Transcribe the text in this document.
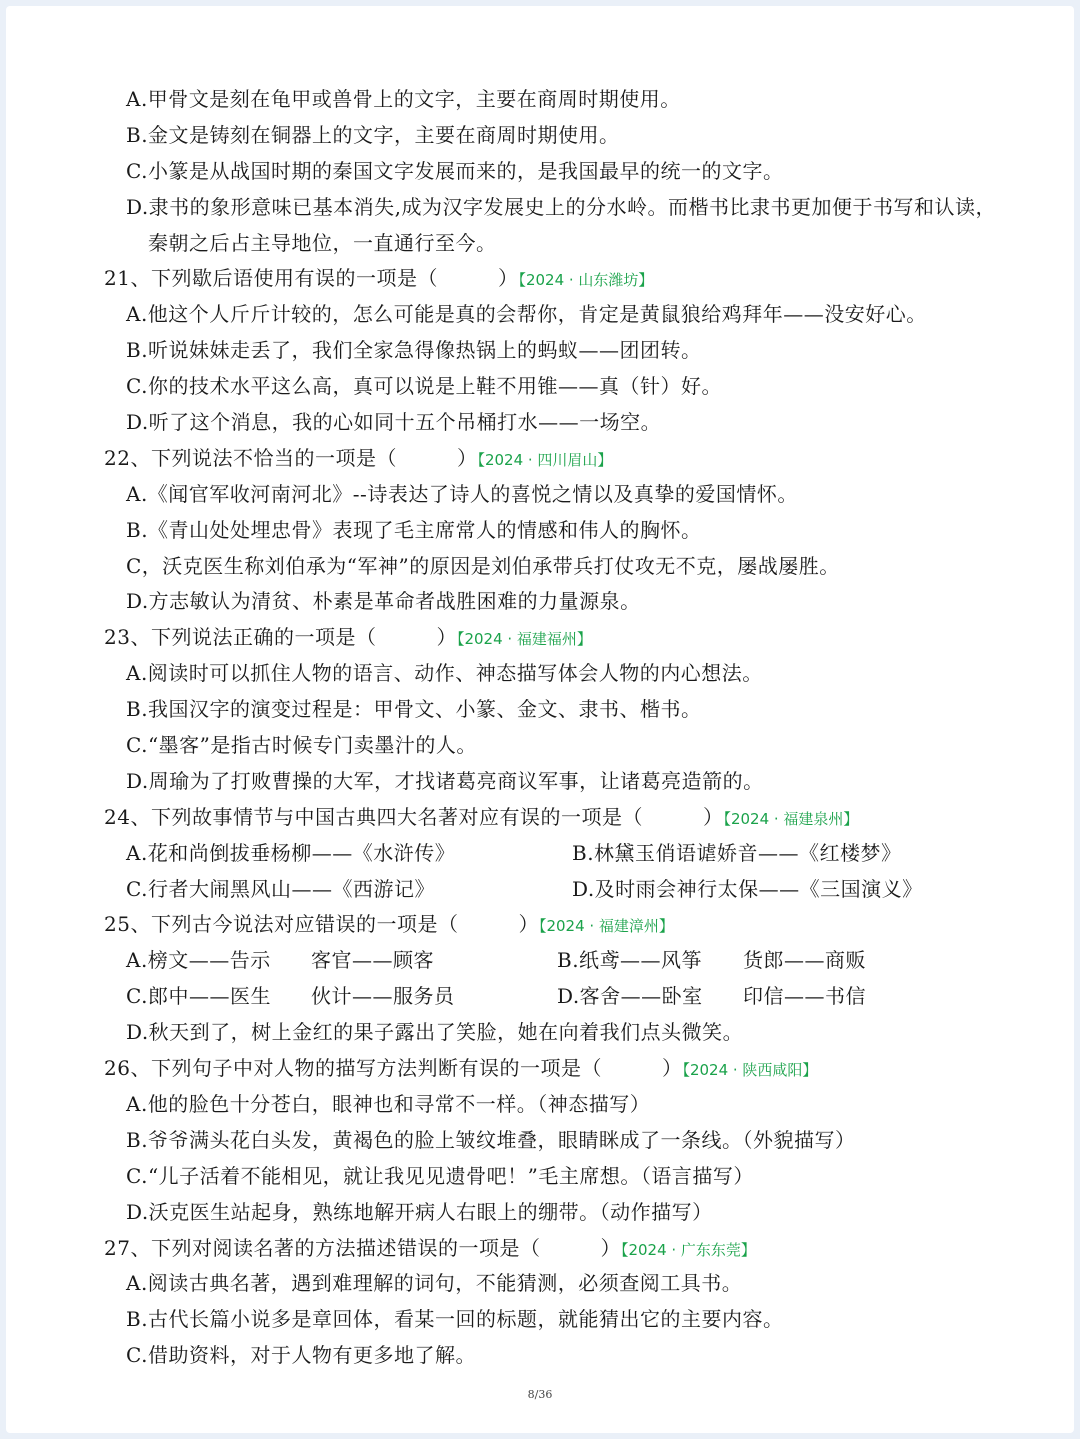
A.甲骨文是刻在龟甲或兽骨上的文字，主要在商周时期使用。
B.金文是铸刻在铜器上的文字，主要在商周时期使用。
C.小篆是从战国时期的秦国文字发展而来的，是我国最早的统一的文字。
D.隶书的象形意味已基本消失,成为汉字发展史上的分水岭。而楷书比隶书更加便于书写和认读，
秦朝之后占主导地位，一直通行至今。
21、下列歇后语使用有误的一项是（	）【2024 · 山东潍坊】
A.他这个人斤斤计较的，怎么可能是真的会帮你，肯定是黄鼠狼给鸡拜年——没安好心。
B.听说妹妹走丢了，我们全家急得像热锅上的蚂蚁——团团转。
C.你的技术水平这么高，真可以说是上鞋不用锥——真（针）好。
D.听了这个消息，我的心如同十五个吊桶打水——一场空。
22、下列说法不恰当的一项是（	）【2024 · 四川眉山】
A.《闻官军收河南河北》--诗表达了诗人的喜悦之情以及真挚的爱国情怀。
B.《青山处处埋忠骨》表现了毛主席常人的情感和伟人的胸怀。
C，沃克医生称刘伯承为“军神”的原因是刘伯承带兵打仗攻无不克，屡战屡胜。
D.方志敏认为清贫、朴素是革命者战胜困难的力量源泉。
23、下列说法正确的一项是（	）【2024 · 福建福州】
A.阅读时可以抓住人物的语言、动作、神态描写体会人物的内心想法。
B.我国汉字的演变过程是：甲骨文、小篆、金文、隶书、楷书。
C.“墨客”是指古时候专门卖墨汁的人。
D.周瑜为了打败曹操的大军，才找诸葛亮商议军事，让诸葛亮造箭的。
24、下列故事情节与中国古典四大名著对应有误的一项是（	）【2024 · 福建泉州】
A.花和尚倒拔垂杨柳——《水浒传》	B.林黛玉俏语谑娇音——《红楼梦》
C.行者大闹黑风山——《西游记》	D.及时雨会神行太保——《三国演义》
25、下列古今说法对应错误的一项是（	）【2024 · 福建漳州】
A.榜文——告示	客官——顾客	B.纸鸢——风筝	货郎——商贩
C.郎中——医生	伙计——服务员	D.客舍——卧室	印信——书信
D.秋天到了，树上金红的果子露出了笑脸，她在向着我们点头微笑。
26、下列句子中对人物的描写方法判断有误的一项是（	）【2024 · 陕西咸阳】
A.他的脸色十分苍白，眼神也和寻常不一样。（神态描写）
B.爷爷满头花白头发，黄褐色的脸上皱纹堆叠，眼睛眯成了一条线。（外貌描写）
C.“儿子活着不能相见，就让我见见遗骨吧！”毛主席想。（语言描写）
D.沃克医生站起身，熟练地解开病人右眼上的绷带。（动作描写）
27、下列对阅读名著的方法描述错误的一项是（	）【2024 · 广东东莞】
A.阅读古典名著，遇到难理解的词句，不能猜测，必须查阅工具书。
B.古代长篇小说多是章回体，看某一回的标题，就能猜出它的主要内容。
C.借助资料，对于人物有更多地了解。
8/36
